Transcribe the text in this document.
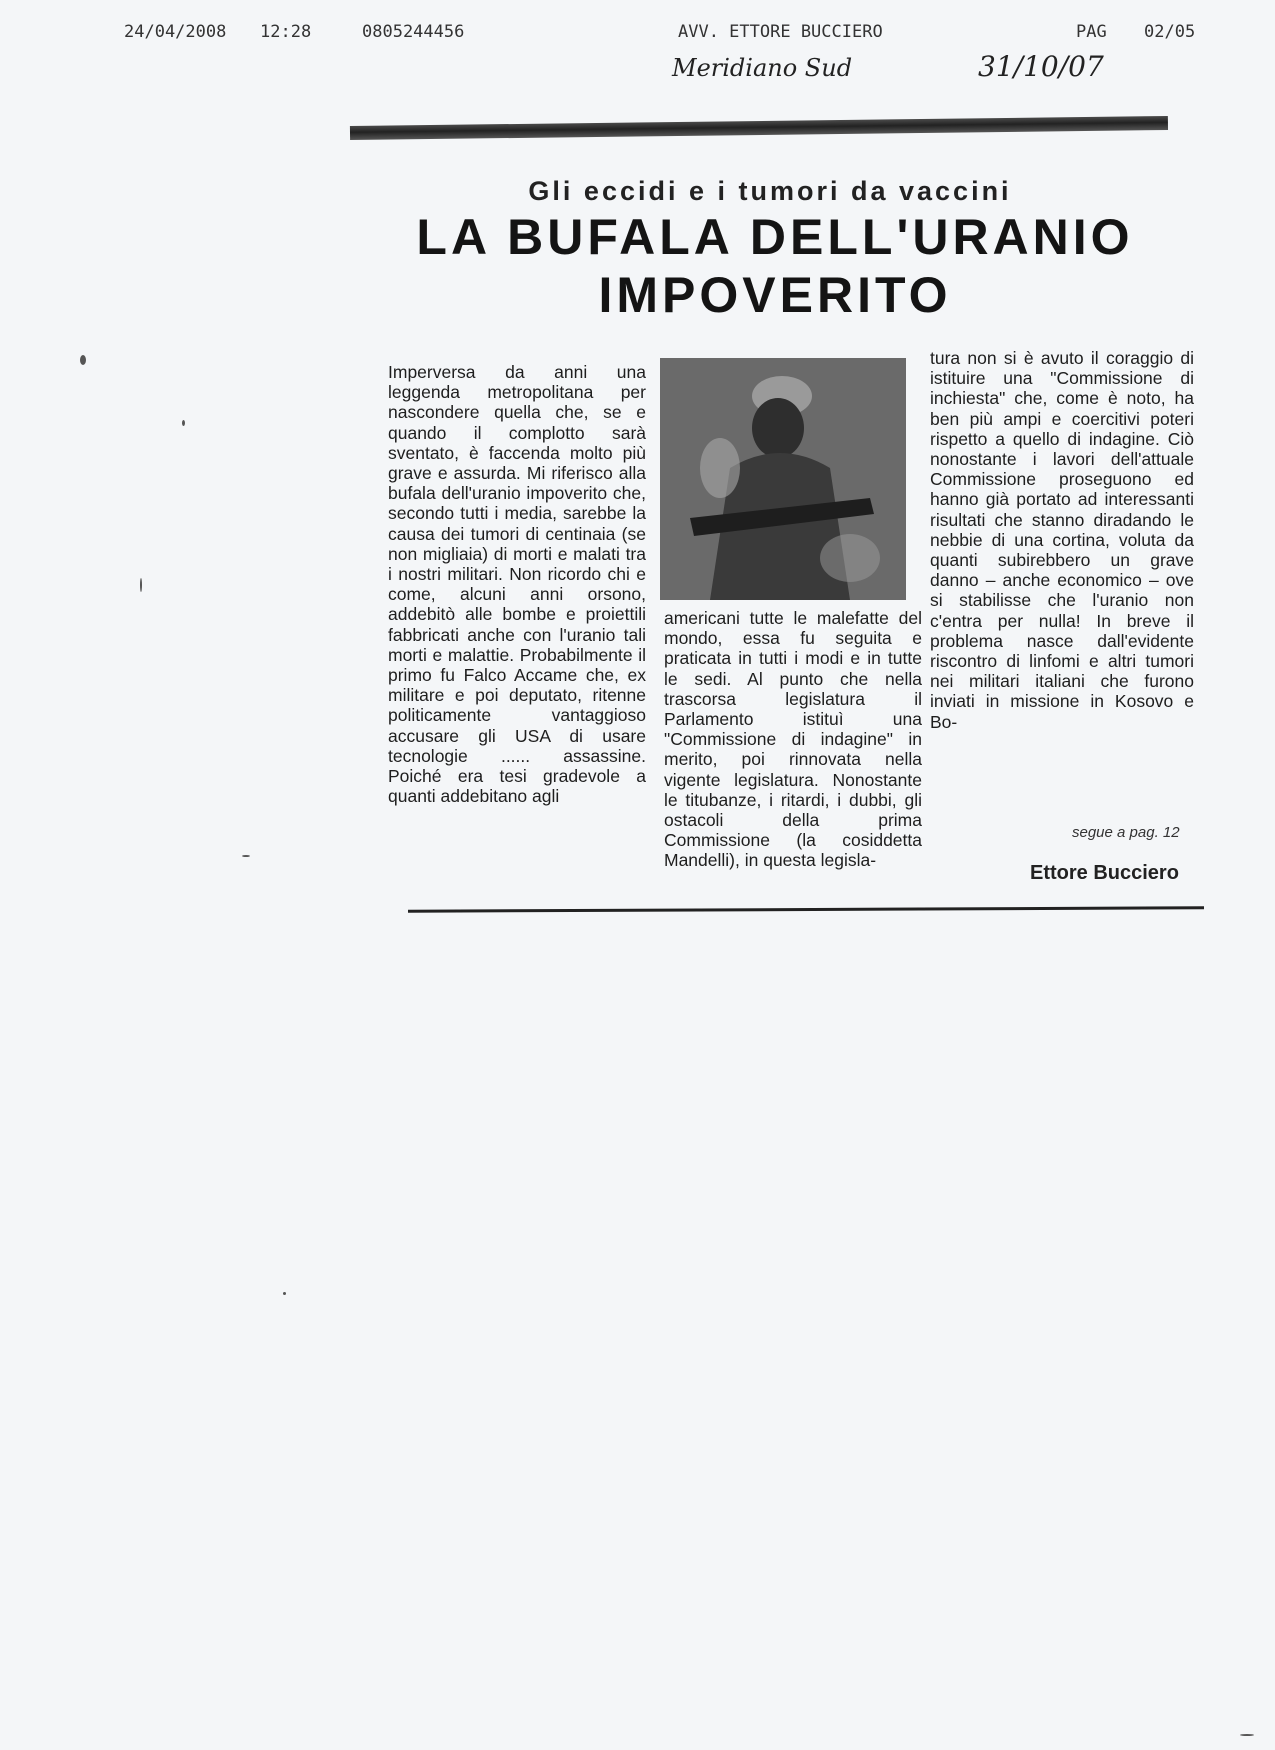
24/04/2008 12:28	0805244456	AVV. ETTORE BUCCIERO	PAG 02/05
Meridiano Sud	31/10/07
Gli eccidi e i tumori da vaccini
LA BUFALA DELL'URANIO
IMPOVERITO
Imperversa da anni una leggenda metropolitana per nascondere quella che, se e quando il complotto sarà sventato, è faccenda molto più grave e assurda. Mi riferisco alla bufala dell'uranio impoverito che, secondo tutti i media, sarebbe la causa dei tumori di centinaia (se non migliaia) di morti e malati tra i nostri militari. Non ricordo chi e come, alcuni anni orsono, addebitò alle bombe e proiettili fabbricati anche con l'uranio tali morti e malattie. Probabilmente il primo fu Falco Accame che, ex militare e poi deputato, ritenne politicamente vantaggioso accusare gli USA di usare tecnologie ...... assassine. Poiché era tesi gradevole a quanti addebitano agli
americani tutte le malefatte del mondo, essa fu seguita e praticata in tutti i modi e in tutte le sedi. Al punto che nella trascorsa legislatura il Parlamento istituì una "Commissione di indagine" in merito, poi rinnovata nella vigente legislatura. Nonostante le titubanze, i ritardi, i dubbi, gli ostacoli della prima Commissione (la cosiddetta Mandelli), in questa legisla-
tura non si è avuto il coraggio di istituire una "Commissione di inchiesta" che, come è noto, ha ben più ampi e coercitivi poteri rispetto a quello di indagine. Ciò nonostante i lavori dell'attuale Commissione proseguono ed hanno già portato ad interessanti risultati che stanno diradando le nebbie di una cortina, voluta da quanti subirebbero un grave danno – anche economico – ove si stabilisse che l'uranio non c'entra per nulla! In breve il problema nasce dall'evidente riscontro di linfomi e altri tumori nei militari italiani che furono inviati in missione in Kosovo e Bo-
segue a pag. 12
Ettore Bucciero
